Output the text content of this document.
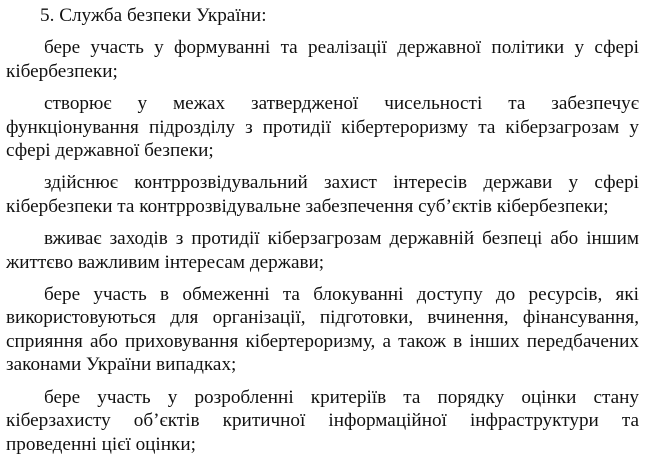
5. Служба безпеки України:

бере участь у формуванні та реалізації державної політики у сфері кібербезпеки;

створює у межах затвердженої чисельності та забезпечує функціонування підрозділу з протидії кібертероризму та кіберзагрозам у сфері державної безпеки;

здійснює контррозвідувальний захист інтересів держави у сфері кібербезпеки та контррозвідувальне забезпечення суб’єктів кібербезпеки;

вживає заходів з протидії кіберзагрозам державній безпеці або іншим життєво важливим інтересам держави;

бере участь в обмеженні та блокуванні доступу до ресурсів, які використовуються для організації, підготовки, вчинення, фінансування, сприяння або приховування кібертероризму, а також в інших передбачених законами України випадках;

бере участь у розробленні критеріїв та порядку оцінки стану кіберзахисту об’єктів критичної інформаційної інфраструктури та проведенні цієї оцінки;
